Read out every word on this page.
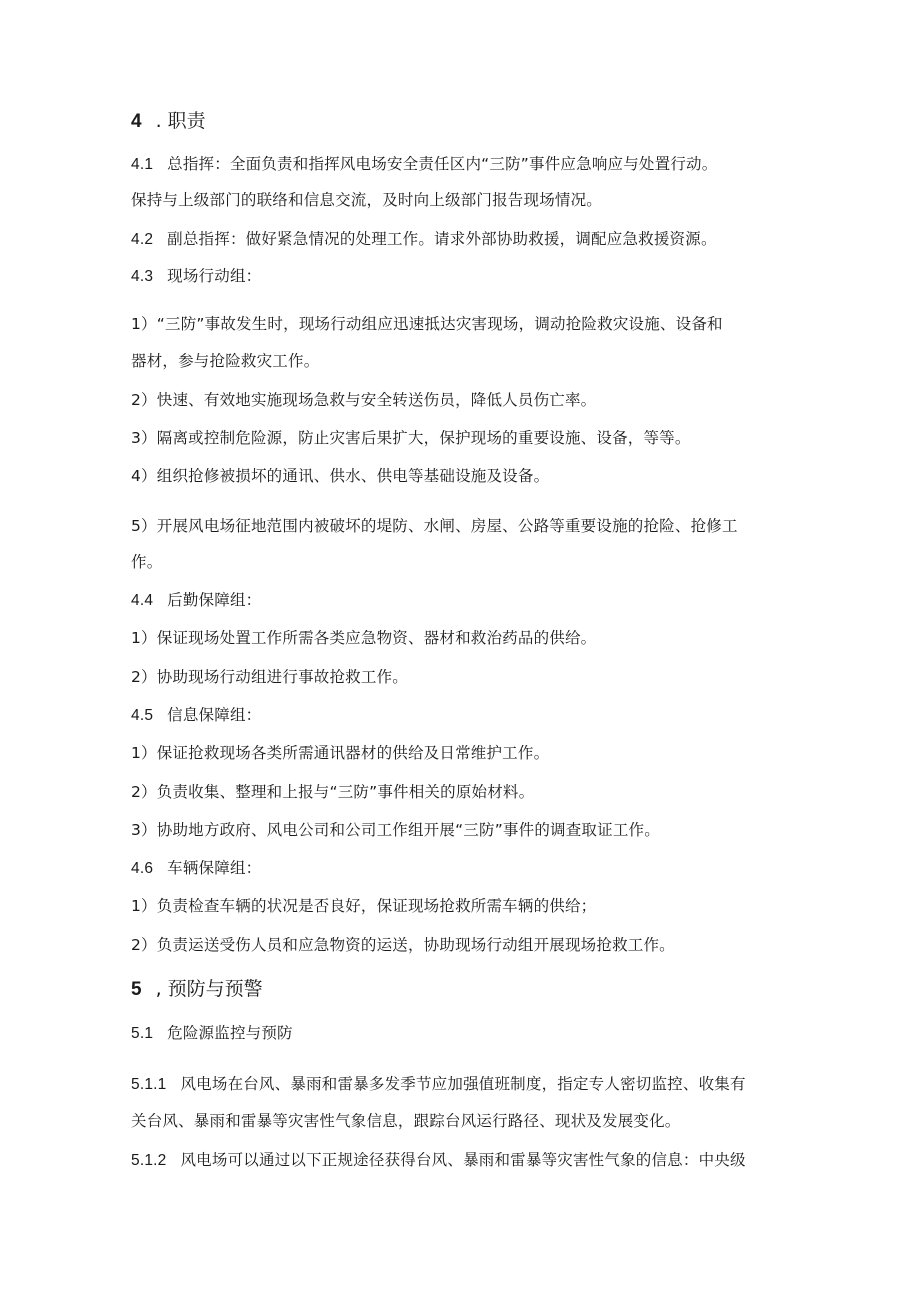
4 . 职责
4.1 总指挥：全面负责和指挥风电场安全责任区内“三防”事件应急响应与处置行动。
保持与上级部门的联络和信息交流，及时向上级部门报告现场情况。
4.2 副总指挥：做好紧急情况的处理工作。请求外部协助救援，调配应急救援资源。
4.3 现场行动组：
1）“三防”事故发生时，现场行动组应迅速抵达灾害现场，调动抢险救灾设施、设备和
器材，参与抢险救灾工作。
2）快速、有效地实施现场急救与安全转送伤员，降低人员伤亡率。
3）隔离或控制危险源，防止灾害后果扩大，保护现场的重要设施、设备，等等。
4）组织抢修被损坏的通讯、供水、供电等基础设施及设备。
5）开展风电场征地范围内被破坏的堤防、水闸、房屋、公路等重要设施的抢险、抢修工
作。
4.4 后勤保障组：
1）保证现场处置工作所需各类应急物资、器材和救治药品的供给。
2）协助现场行动组进行事故抢救工作。
4.5 信息保障组：
1）保证抢救现场各类所需通讯器材的供给及日常维护工作。
2）负责收集、整理和上报与“三防”事件相关的原始材料。
3）协助地方政府、风电公司和公司工作组开展“三防”事件的调查取证工作。
4.6 车辆保障组：
1）负责检查车辆的状况是否良好，保证现场抢救所需车辆的供给；
2）负责运送受伤人员和应急物资的运送，协助现场行动组开展现场抢救工作。
5 , 预防与预警
5.1 危险源监控与预防
5.1.1 风电场在台风、暴雨和雷暴多发季节应加强值班制度，指定专人密切监控、收集有
关台风、暴雨和雷暴等灾害性气象信息，跟踪台风运行路径、现状及发展变化。
5.1.2 风电场可以通过以下正规途径获得台风、暴雨和雷暴等灾害性气象的信息：中央级
